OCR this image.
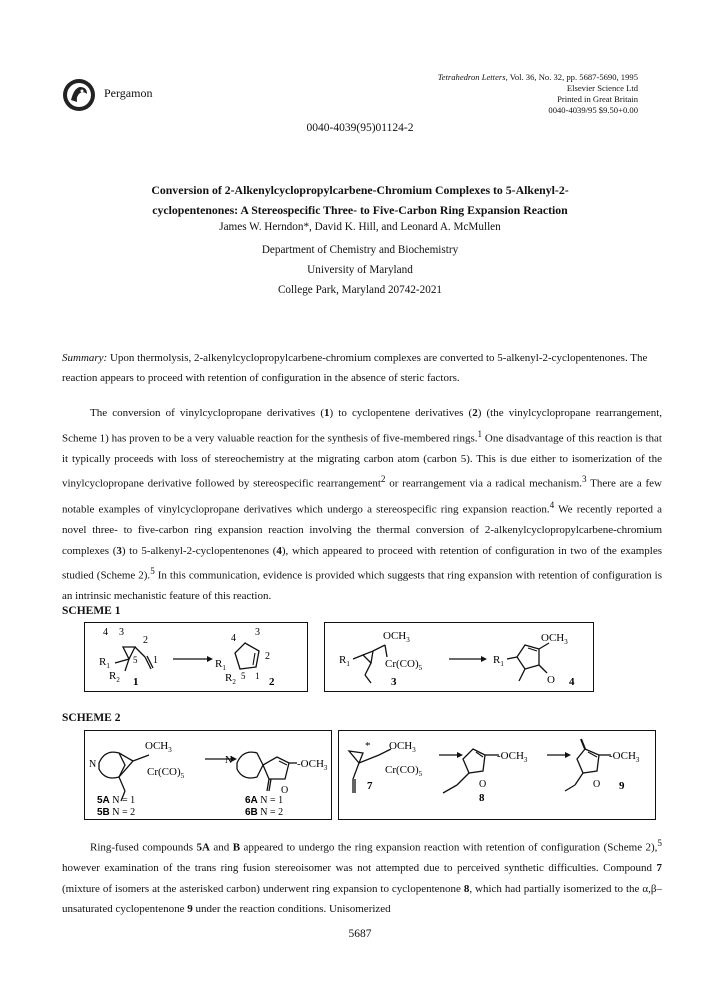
Pergamon
Tetrahedron Letters, Vol. 36, No. 32, pp. 5687-5690, 1995
Elsevier Science Ltd
Printed in Great Britain
0040-4039/95 $9.50+0.00
0040-4039(95)01124-2
Conversion of 2-Alkenylcyclopropylcarbene-Chromium Complexes to 5-Alkenyl-2-
cyclopentenones: A Stereospecific Three- to Five-Carbon Ring Expansion Reaction
James W. Herndon*, David K. Hill, and Leonard A. McMullen
Department of Chemistry and Biochemistry
University of Maryland
College Park, Maryland 20742-2021
Summary: Upon thermolysis, 2-alkenylcyclopropylcarbene-chromium complexes are converted to 5-alkenyl-2-cyclopentenones. The reaction appears to proceed with retention of configuration in the absence of steric factors.
The conversion of vinylcyclopropane derivatives (1) to cyclopentene derivatives (2) (the vinylcyclopropane rearrangement, Scheme 1) has proven to be a very valuable reaction for the synthesis of five-membered rings.$^1$ One disadvantage of this reaction is that it typically proceeds with loss of stereochemistry at the migrating carbon atom (carbon 5). This is due either to isomerization of the vinylcyclopropane derivative followed by stereospecific rearrangement$^2$ or rearrangement via a radical mechanism.$^3$ There are a few notable examples of vinylcyclopropane derivatives which undergo a stereospecific ring expansion reaction.$^4$ We recently reported a novel three- to five-carbon ring expansion reaction involving the thermal conversion of 2-alkenylcyclopropylcarbene-chromium complexes (3) to 5-alkenyl-2-cyclopentenones (4), which appeared to proceed with retention of configuration in two of the examples studied (Scheme 2).$^5$ In this communication, evidence is provided which suggests that ring expansion with retention of configuration is an intrinsic mechanistic feature of this reaction.
SCHEME 1
4 3
2
5 1
$R_1$
$R_2$ 1
3
4
2
5 1
$R_1$
$R_2$	2
$OCH_3$
$Cr(CO)_5$
$R_1$
3
$OCH_3$
$R_1$
O 4
SCHEME 2
N
$OCH_3$
$Cr(CO)_5$
5A N = 1
5B N = 2
N	$-OCH_3$
O
6A N = 1
6B N = 2
* $OCH_3$
$Cr(CO)_5$
7
$-OCH_3$
O
8
$-OCH_3$
O 9
Ring-fused compounds 5A and B appeared to undergo the ring expansion reaction with retention of configuration (Scheme 2),$^5$ however examination of the trans ring fusion stereoisomer was not attempted due to perceived synthetic difficulties. Compound 7 (mixture of isomers at the asterisked carbon) underwent ring expansion to cyclopentenone 8, which had partially isomerized to the α,β–unsaturated cyclopentenone 9 under the reaction conditions. Unisomerized
5687
